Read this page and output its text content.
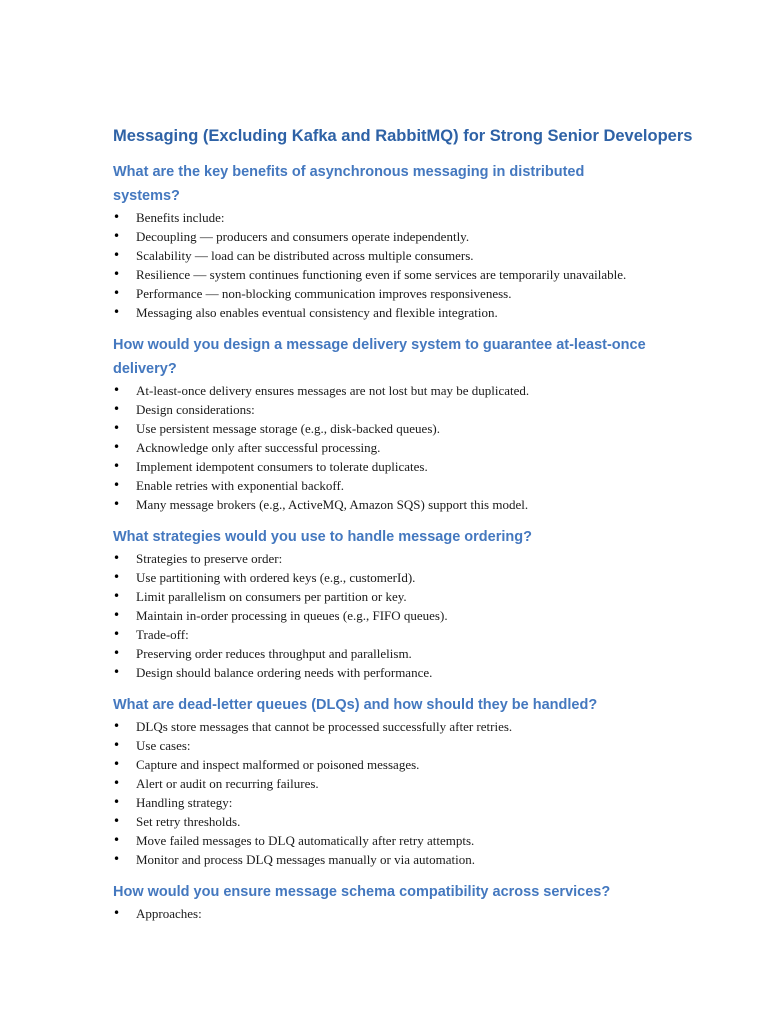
Messaging (Excluding Kafka and RabbitMQ) for Strong Senior Developers
What are the key benefits of asynchronous messaging in distributed systems?
• Benefits include:
• Decoupling — producers and consumers operate independently.
• Scalability — load can be distributed across multiple consumers.
• Resilience — system continues functioning even if some services are temporarily unavailable.
• Performance — non-blocking communication improves responsiveness.
• Messaging also enables eventual consistency and flexible integration.
How would you design a message delivery system to guarantee at-least-once delivery?
• At-least-once delivery ensures messages are not lost but may be duplicated.
• Design considerations:
• Use persistent message storage (e.g., disk-backed queues).
• Acknowledge only after successful processing.
• Implement idempotent consumers to tolerate duplicates.
• Enable retries with exponential backoff.
• Many message brokers (e.g., ActiveMQ, Amazon SQS) support this model.
What strategies would you use to handle message ordering?
• Strategies to preserve order:
• Use partitioning with ordered keys (e.g., customerId).
• Limit parallelism on consumers per partition or key.
• Maintain in-order processing in queues (e.g., FIFO queues).
• Trade-off:
• Preserving order reduces throughput and parallelism.
• Design should balance ordering needs with performance.
What are dead-letter queues (DLQs) and how should they be handled?
• DLQs store messages that cannot be processed successfully after retries.
• Use cases:
• Capture and inspect malformed or poisoned messages.
• Alert or audit on recurring failures.
• Handling strategy:
• Set retry thresholds.
• Move failed messages to DLQ automatically after retry attempts.
• Monitor and process DLQ messages manually or via automation.
How would you ensure message schema compatibility across services?
• Approaches:
